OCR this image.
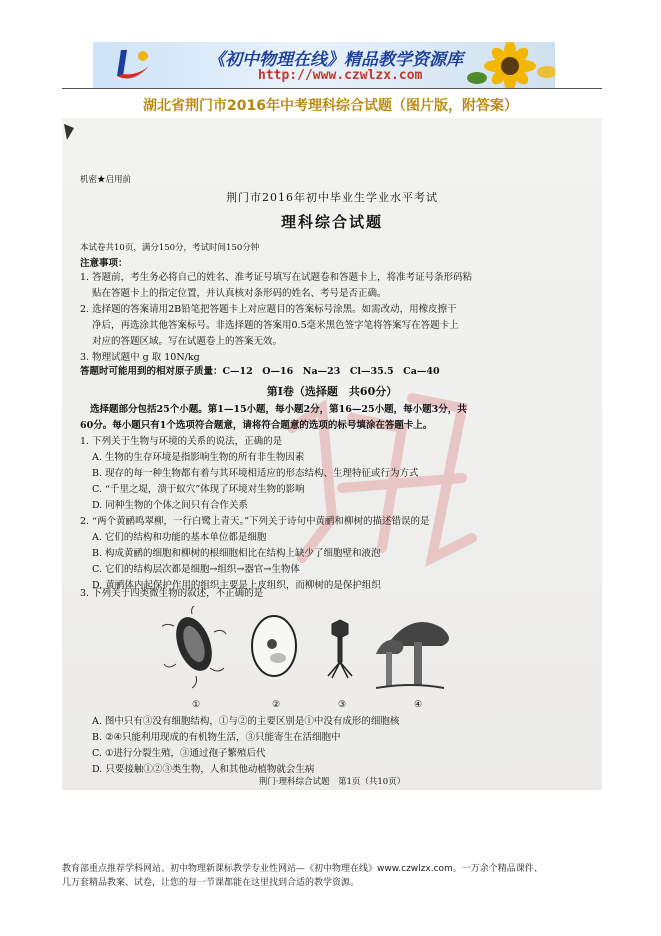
《初中物理在线》精品教学资源库
http://www.czwlzx.com
湖北省荆门市2016年中考理科综合试题（图片版，附答案）
机密★启用前
荆门市2016年初中毕业生学业水平考试
理科综合试题
本试卷共10页，满分150分，考试时间150分钟
注意事项：
1. 答题前，考生务必将自己的姓名、准考证号填写在试题卷和答题卡上，将准考证号条形码粘
贴在答题卡上的指定位置，并认真核对条形码的姓名、考号是否正确。
2. 选择题的答案请用2B铅笔把答题卡上对应题目的答案标号涂黑。如需改动，用橡皮擦干
净后，再选涂其他答案标号。非选择题的答案用0.5毫米黑色签字笔将答案写在答题卡上
对应的答题区域。写在试题卷上的答案无效。
3. 物理试题中 g 取 10N/kg
答题时可能用到的相对原子质量：C—12　O—16　Na—23　Cl—35.5　Ca—40
第Ⅰ卷（选择题　共60分）
选择题部分包括25个小题。第1—15小题，每小题2分，第16—25小题，每小题3分，共
60分。每小题只有1个选项符合题意，请将符合题意的选项的标号填涂在答题卡上。
1. 下列关于生物与环境的关系的说法，正确的是
A. 生物的生存环境是指影响生物的所有非生物因素
B. 现存的每一种生物都有着与其环境相适应的形态结构、生理特征或行为方式
C. “千里之堤，溃于蚁穴”体现了环境对生物的影响
D. 同种生物的个体之间只有合作关系
2. “两个黄鹂鸣翠柳，一行白鹭上青天。”下列关于诗句中黄鹂和柳树的描述错误的是
A. 它们的结构和功能的基本单位都是细胞
B. 构成黄鹂的细胞和柳树的根细胞相比在结构上缺少了细胞壁和液泡
C. 它们的结构层次都是细胞→组织→器官→生物体
D. 黄鹂体内起保护作用的组织主要是上皮组织，而柳树的是保护组织
3. 下列关于四类微生物的叙述，不正确的是
①	②	③	④
A. 图中只有③没有细胞结构，①与②的主要区别是①中没有成形的细胞核
B. ②④只能利用现成的有机物生活，③只能寄生在活细胞中
C. ①进行分裂生殖，③通过孢子繁殖后代
D. 只要接触①②③类生物，人和其他动植物就会生病
荆门·理科综合试题　第1页（共10页）
教育部重点推荐学科网站、初中物理新课标教学专业性网站—《初中物理在线》www.czwlzx.com。一万余个精品课件、
几万套精品教案、试卷，让您的每一节课都能在这里找到合适的教学资源。
